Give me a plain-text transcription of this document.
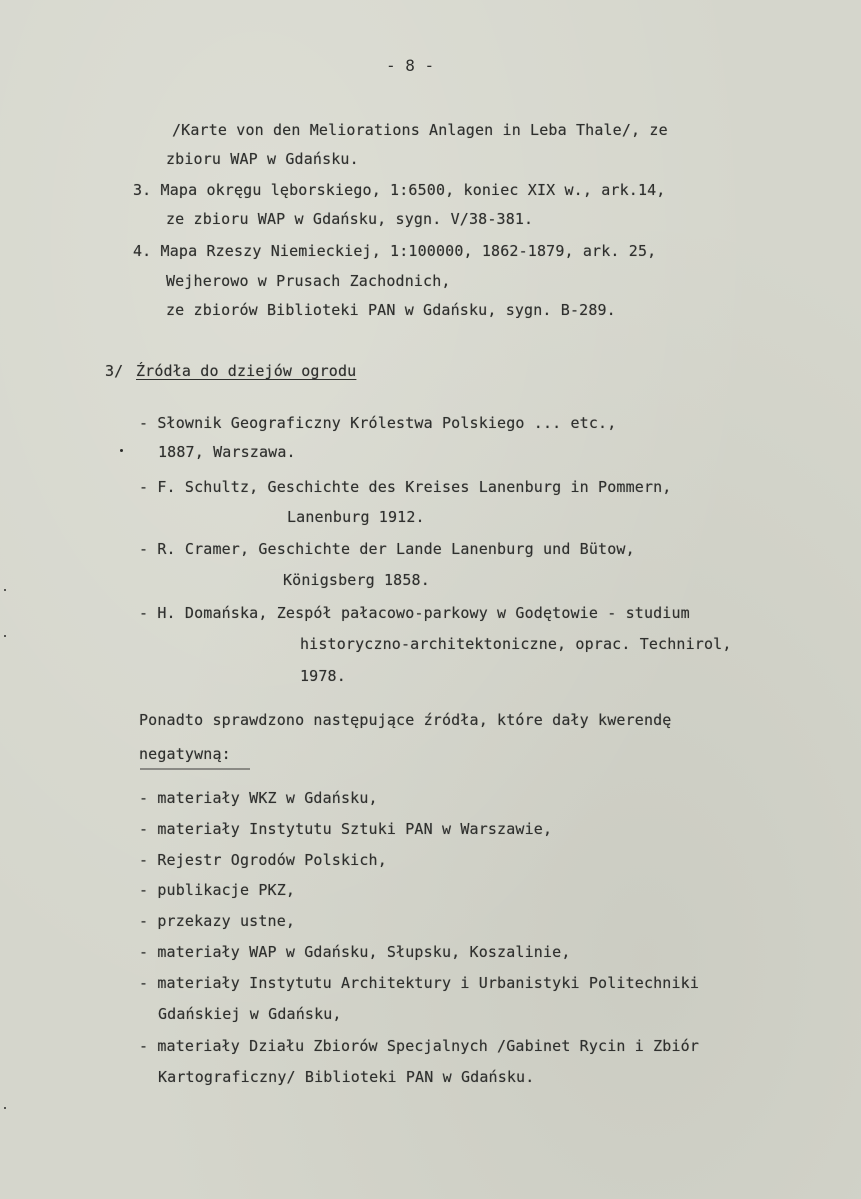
- 8 -
/Karte von den Meliorations Anlagen in Leba Thale/, ze
zbioru WAP w Gdańsku.
3. Mapa okręgu lęborskiego, 1:6500, koniec XIX w., ark.14,
ze zbioru WAP w Gdańsku, sygn. V/38-381.
4. Mapa Rzeszy Niemieckiej, 1:100000, 1862-1879, ark. 25,
Wejherowo w Prusach Zachodnich,
ze zbiorów Biblioteki PAN w Gdańsku, sygn. B-289.
3/ Źródła do dziejów ogrodu
- Słownik Geograficzny Królestwa Polskiego ... etc.,
1887, Warszawa.
- F. Schultz, Geschichte des Kreises Lanenburg in Pommern,
Lanenburg 1912.
- R. Cramer, Geschichte der Lande Lanenburg und Bütow,
Königsberg 1858.
- H. Domańska, Zespół pałacowo-parkowy w Godętowie - studium
historyczno-architektoniczne, oprac. Technirol,
1978.
Ponadto sprawdzono następujące źródła, które dały kwerendę
negatywną:
- materiały WKZ w Gdańsku,
- materiały Instytutu Sztuki PAN w Warszawie,
- Rejestr Ogrodów Polskich,
- publikacje PKZ,
- przekazy ustne,
- materiały WAP w Gdańsku, Słupsku, Koszalinie,
- materiały Instytutu Architektury i Urbanistyki Politechniki
Gdańskiej w Gdańsku,
- materiały Działu Zbiorów Specjalnych /Gabinet Rycin i Zbiór
Kartograficzny/ Biblioteki PAN w Gdańsku.
